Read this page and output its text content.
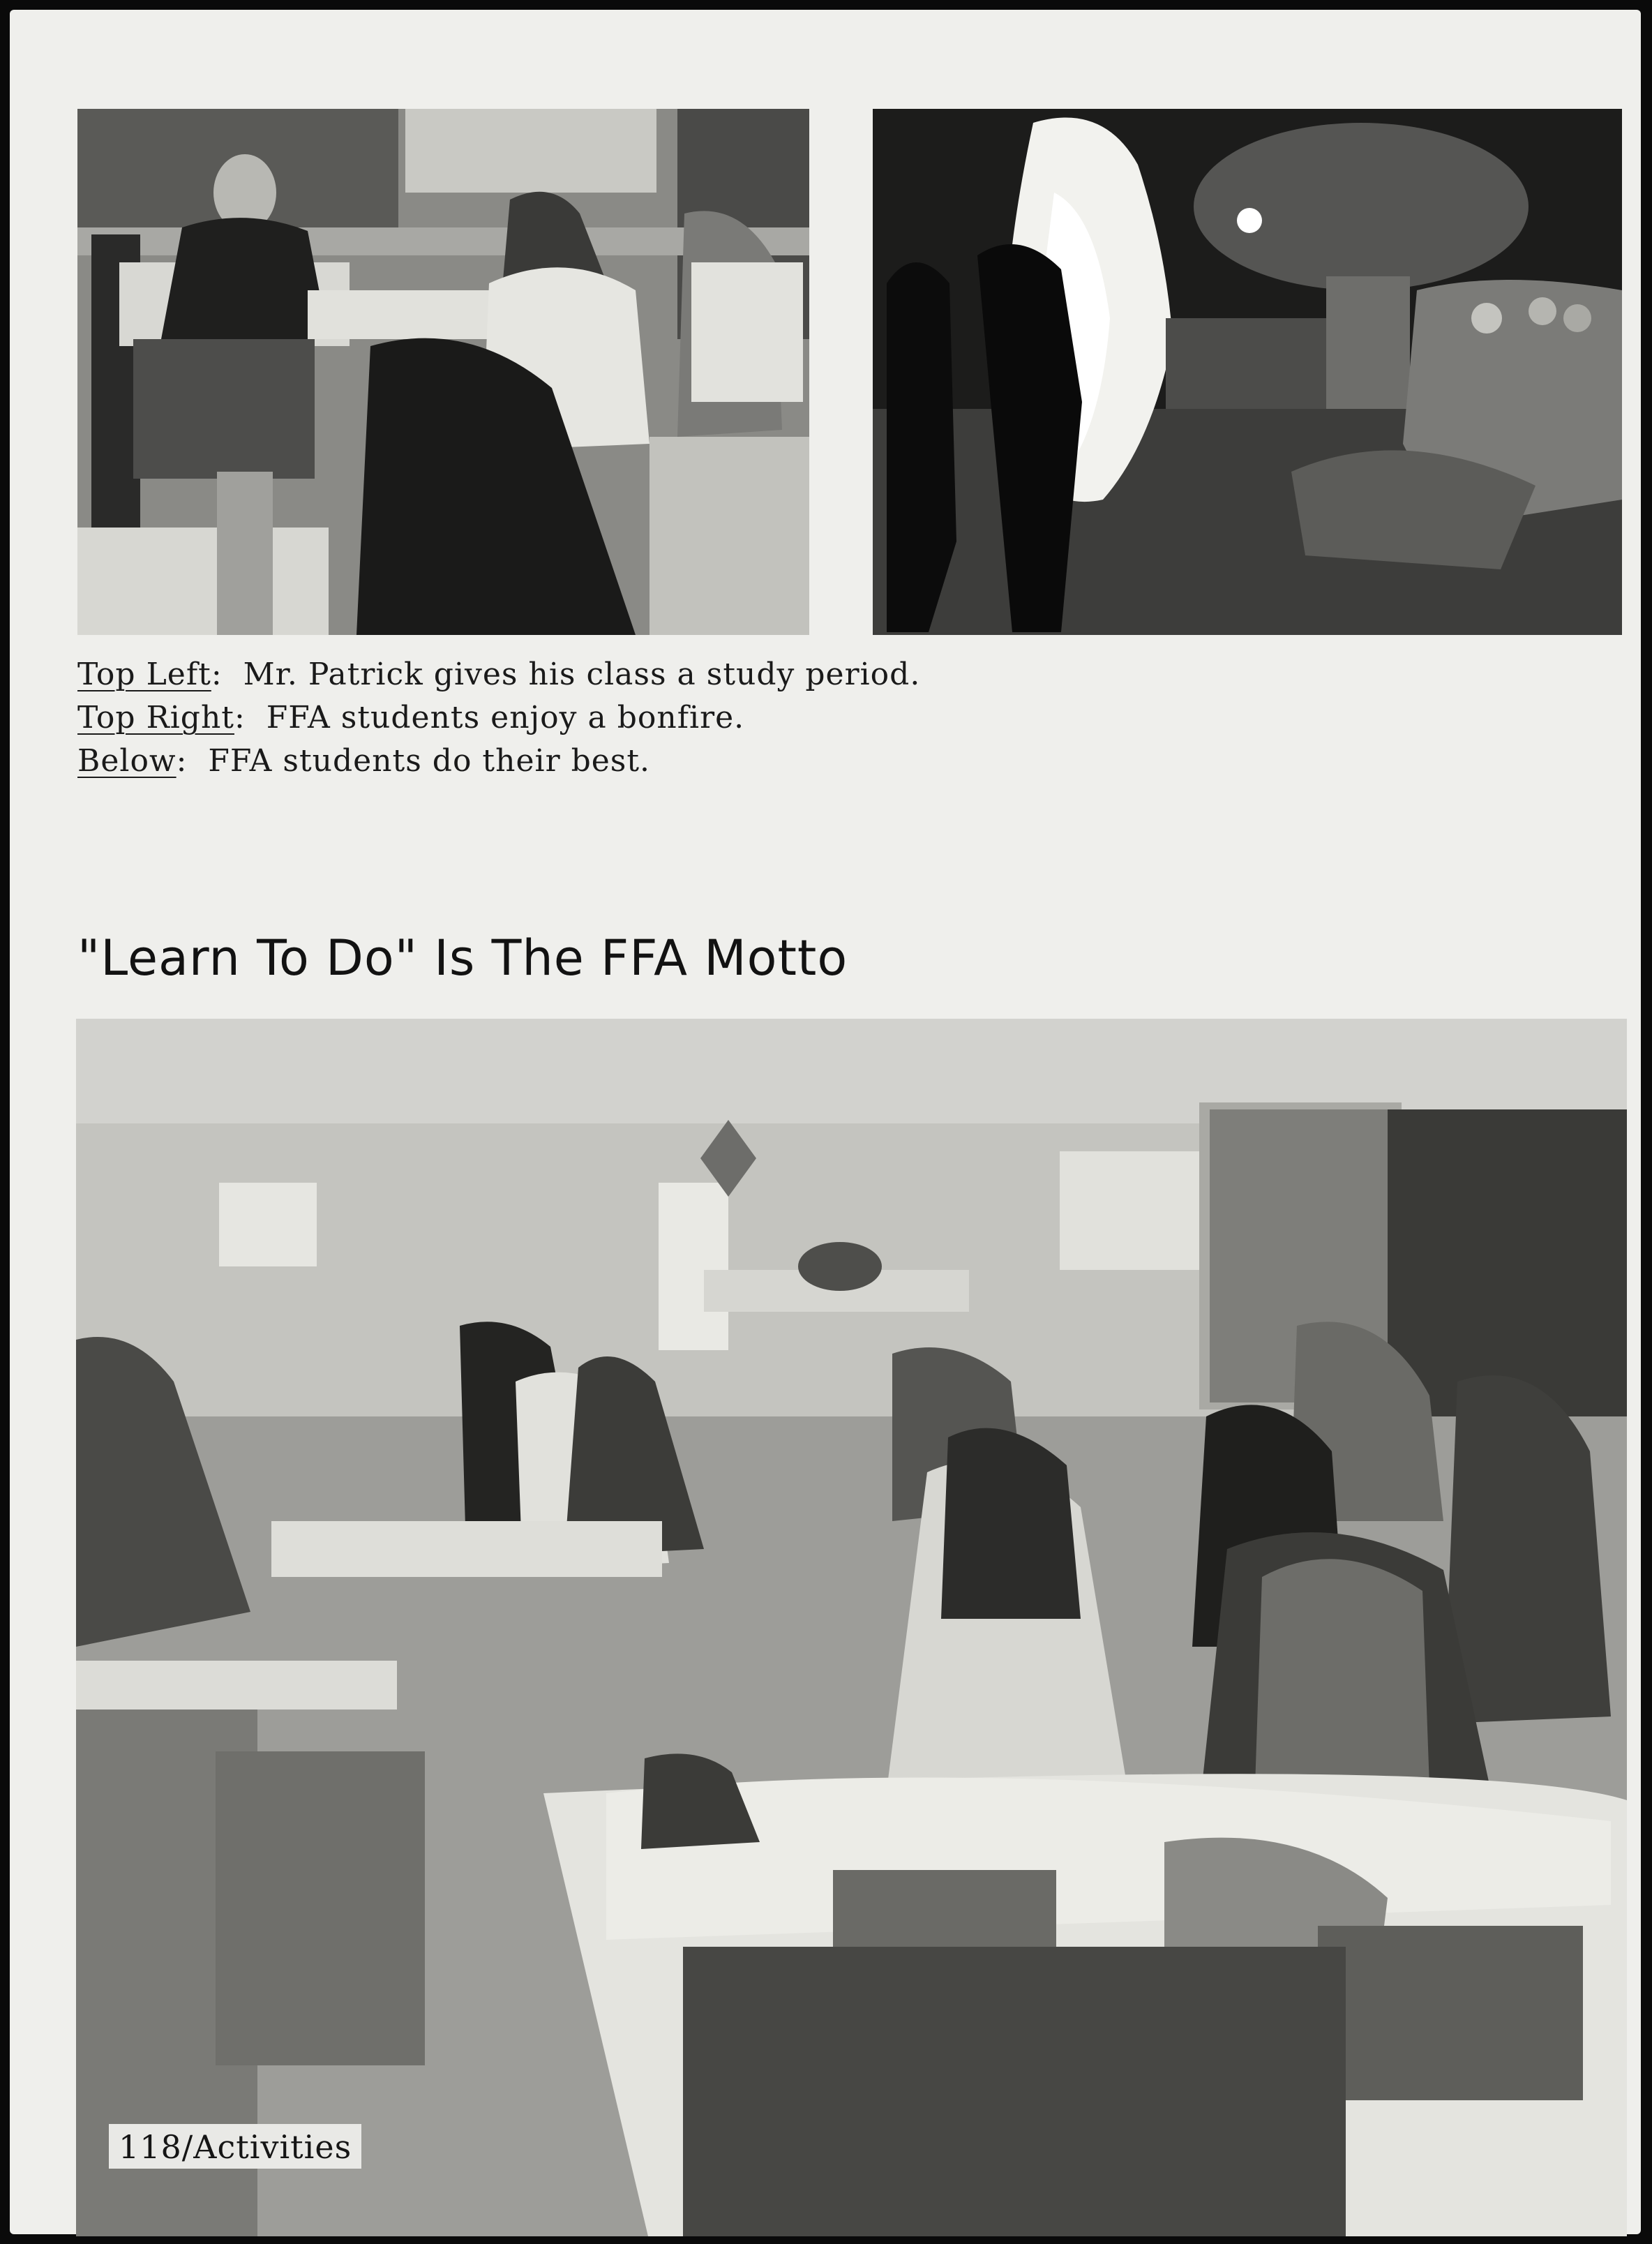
Top Left:  Mr. Patrick gives his class a study period.
Top Right:  FFA students enjoy a bonfire.
Below:  FFA students do their best.
"Learn To Do" Is The FFA Motto
118/Activities
